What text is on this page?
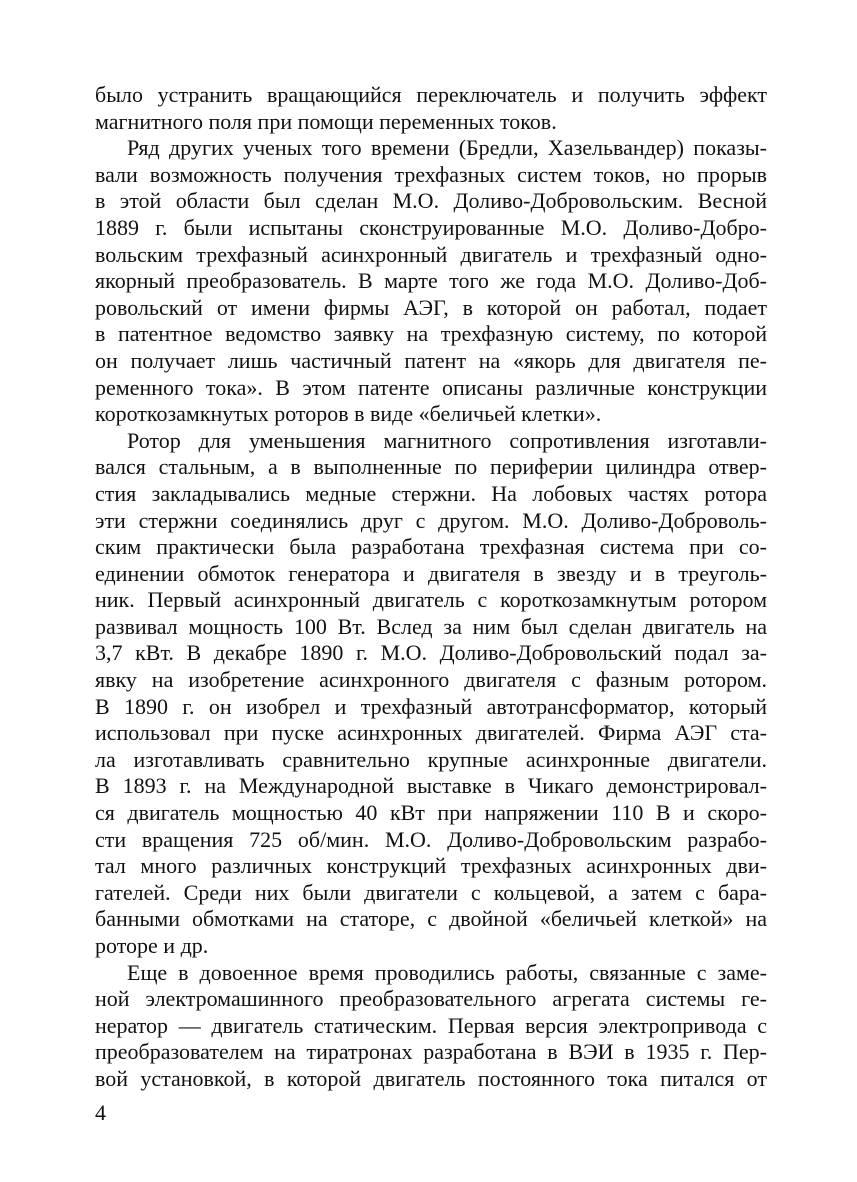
было устранить вращающийся переключатель и получить эффект
магнитного поля при помощи переменных токов.
Ряд других ученых того времени (Бредли, Хазельвандер) показы-
вали возможность получения трехфазных систем токов, но прорыв
в этой области был сделан М.О. Доливо-Добровольским. Весной
1889 г. были испытаны сконструированные М.О. Доливо-Добро-
вольским трехфазный асинхронный двигатель и трехфазный одно-
якорный преобразователь. В марте того же года М.О. Доливо-Доб-
ровольский от имени фирмы АЭГ, в которой он работал, подает
в патентное ведомство заявку на трехфазную систему, по которой
он получает лишь частичный патент на «якорь для двигателя пе-
ременного тока». В этом патенте описаны различные конструкции
короткозамкнутых роторов в виде «беличьей клетки».
Ротор для уменьшения магнитного сопротивления изготавли-
вался стальным, а в выполненные по периферии цилиндра отвер-
стия закладывались медные стержни. На лобовых частях ротора
эти стержни соединялись друг с другом. М.О. Доливо-Доброволь-
ским практически была разработана трехфазная система при со-
единении обмоток генератора и двигателя в звезду и в треуголь-
ник. Первый асинхронный двигатель с короткозамкнутым ротором
развивал мощность 100 Вт. Вслед за ним был сделан двигатель на
3,7 кВт. В декабре 1890 г. М.О. Доливо-Добровольский подал за-
явку на изобретение асинхронного двигателя с фазным ротором.
В 1890 г. он изобрел и трехфазный автотрансформатор, который
использовал при пуске асинхронных двигателей. Фирма АЭГ ста-
ла изготавливать сравнительно крупные асинхронные двигатели.
В 1893 г. на Международной выставке в Чикаго демонстрировал-
ся двигатель мощностью 40 кВт при напряжении 110 В и скоро-
сти вращения 725 об/мин. М.О. Доливо-Добровольским разрабо-
тал много различных конструкций трехфазных асинхронных дви-
гателей. Среди них были двигатели с кольцевой, а затем с бара-
банными обмотками на статоре, с двойной «беличьей клеткой» на
роторе и др.
Еще в довоенное время проводились работы, связанные с заме-
ной электромашинного преобразовательного агрегата системы ге-
нератор — двигатель статическим. Первая версия электропривода с
преобразователем на тиратронах разработана в ВЭИ в 1935 г. Пер-
вой установкой, в которой двигатель постоянного тока питался от
4
